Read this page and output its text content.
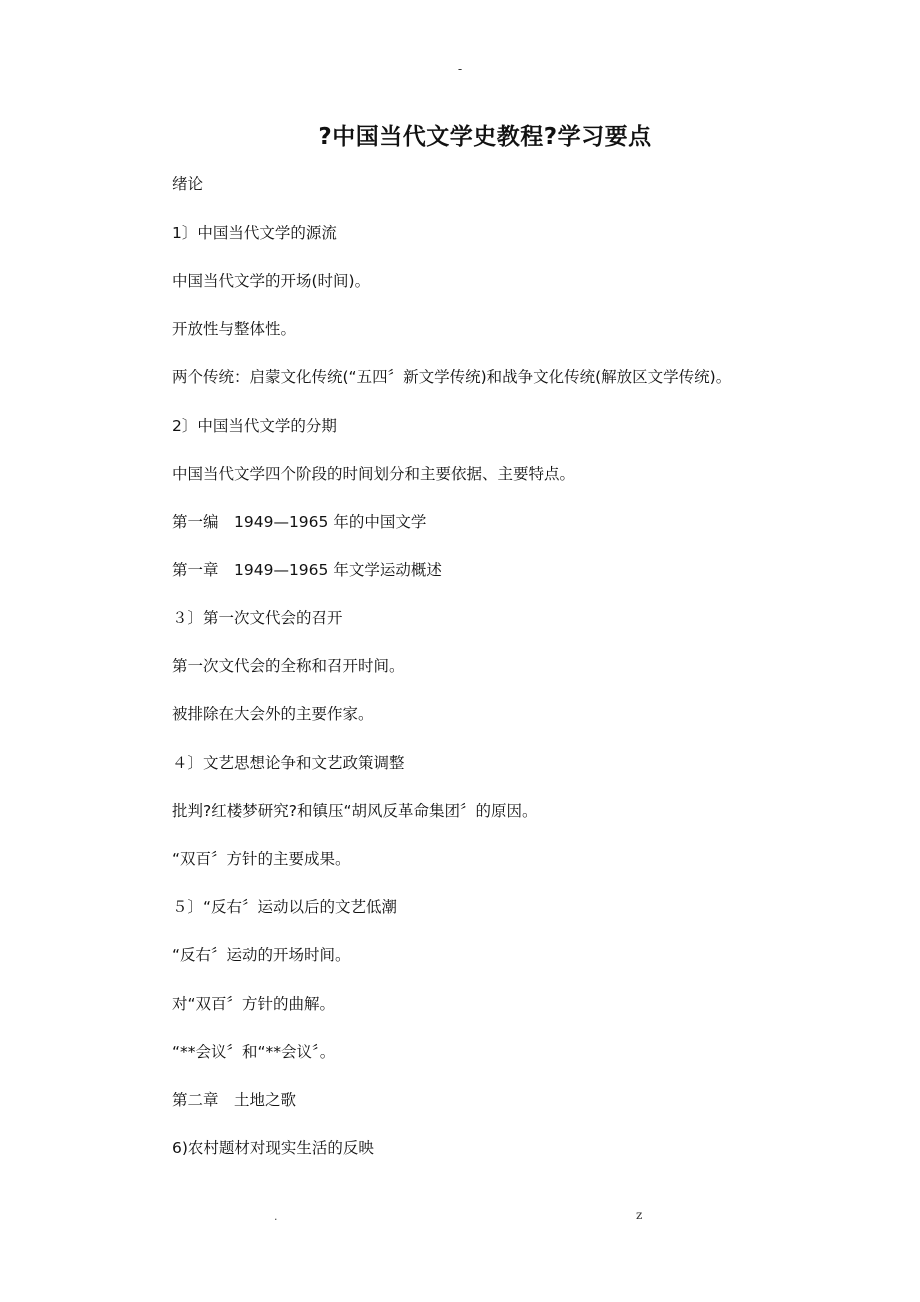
-
?中国当代文学史教程?学习要点
绪论
1〕中国当代文学的源流
中国当代文学的开场(时间)。
开放性与整体性。
两个传统：启蒙文化传统(“五四〞新文学传统)和战争文化传统(解放区文学传统)。
2〕中国当代文学的分期
中国当代文学四个阶段的时间划分和主要依据、主要特点。
第一编　1949—1965 年的中国文学
第一章　1949—1965 年文学运动概述
３〕第一次文代会的召开
第一次文代会的全称和召开时间。
被排除在大会外的主要作家。
４〕文艺思想论争和文艺政策调整
批判?红楼梦研究?和镇压“胡风反革命集团〞的原因。
“双百〞方针的主要成果。
５〕“反右〞运动以后的文艺低潮
“反右〞运动的开场时间。
对“双百〞方针的曲解。
“**会议〞和“**会议〞。
第二章　土地之歌
6)农村题材对现实生活的反映
.	z
